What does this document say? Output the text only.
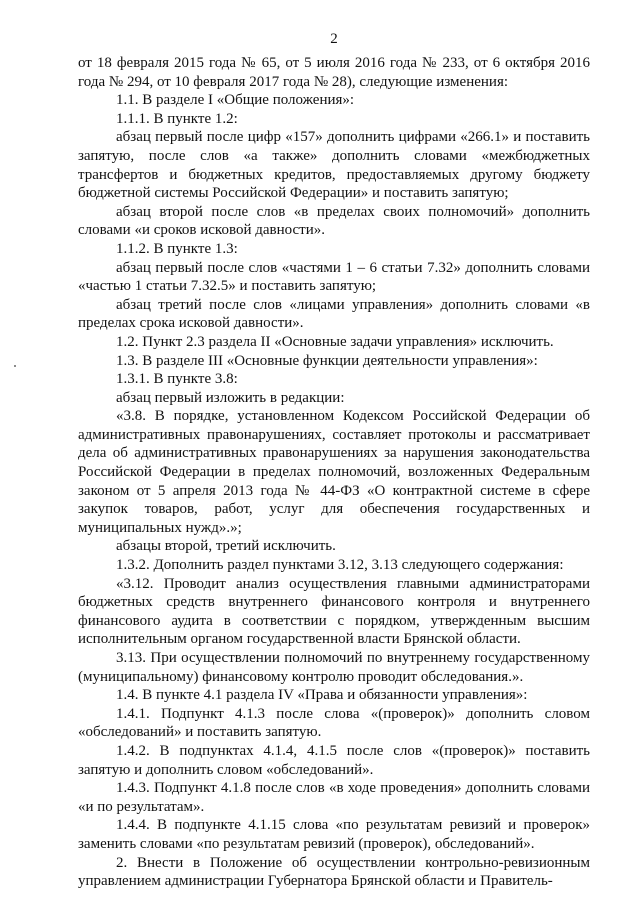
2

от 18 февраля 2015 года № 65, от 5 июля 2016 года № 233, от 6 октября 2016 года № 294, от 10 февраля 2017 года № 28), следующие изменения:

1.1. В разделе I «Общие положения»:

1.1.1. В пункте 1.2:

абзац первый после цифр «157» дополнить цифрами «266.1» и поставить запятую, после слов «а также» дополнить словами «межбюджетных трансфертов и бюджетных кредитов, предоставляемых другому бюджету бюджетной системы Российской Федерации» и поставить запятую;

абзац второй после слов «в пределах своих полномочий» дополнить словами «и сроков исковой давности».

1.1.2. В пункте 1.3:

абзац первый после слов «частями 1 – 6 статьи 7.32» дополнить словами «частью 1 статьи 7.32.5» и поставить запятую;

абзац третий после слов «лицами управления» дополнить словами «в пределах срока исковой давности».

1.2. Пункт 2.3 раздела II «Основные задачи управления» исключить.

1.3. В разделе III «Основные функции деятельности управления»:

1.3.1. В пункте 3.8:

абзац первый изложить в редакции:

«3.8. В порядке, установленном Кодексом Российской Федерации об административных правонарушениях, составляет протоколы и рассматривает дела об административных правонарушениях за нарушения законодательства Российской Федерации в пределах полномочий, возложенных Федеральным законом от 5 апреля 2013 года № 44-ФЗ «О контрактной системе в сфере закупок товаров, работ, услуг для обеспечения государственных и муниципальных нужд».»;

абзацы второй, третий исключить.

1.3.2. Дополнить раздел пунктами 3.12, 3.13 следующего содержания:

«3.12. Проводит анализ осуществления главными администраторами бюджетных средств внутреннего финансового контроля и внутреннего финансового аудита в соответствии с порядком, утвержденным высшим исполнительным органом государственной власти Брянской области.

3.13. При осуществлении полномочий по внутреннему государственному (муниципальному) финансовому контролю проводит обследования.».

1.4. В пункте 4.1 раздела IV «Права и обязанности управления»:

1.4.1. Подпункт 4.1.3 после слова «(проверок)» дополнить словом «обследований» и поставить запятую.

1.4.2. В подпунктах 4.1.4, 4.1.5 после слов «(проверок)» поставить запятую и дополнить словом «обследований».

1.4.3. Подпункт 4.1.8 после слов «в ходе проведения» дополнить словами «и по результатам».

1.4.4. В подпункте 4.1.15 слова «по результатам ревизий и проверок» заменить словами «по результатам ревизий (проверок), обследований».

2. Внести в Положение об осуществлении контрольно-ревизионным управлением администрации Губернатора Брянской области и Правитель-
